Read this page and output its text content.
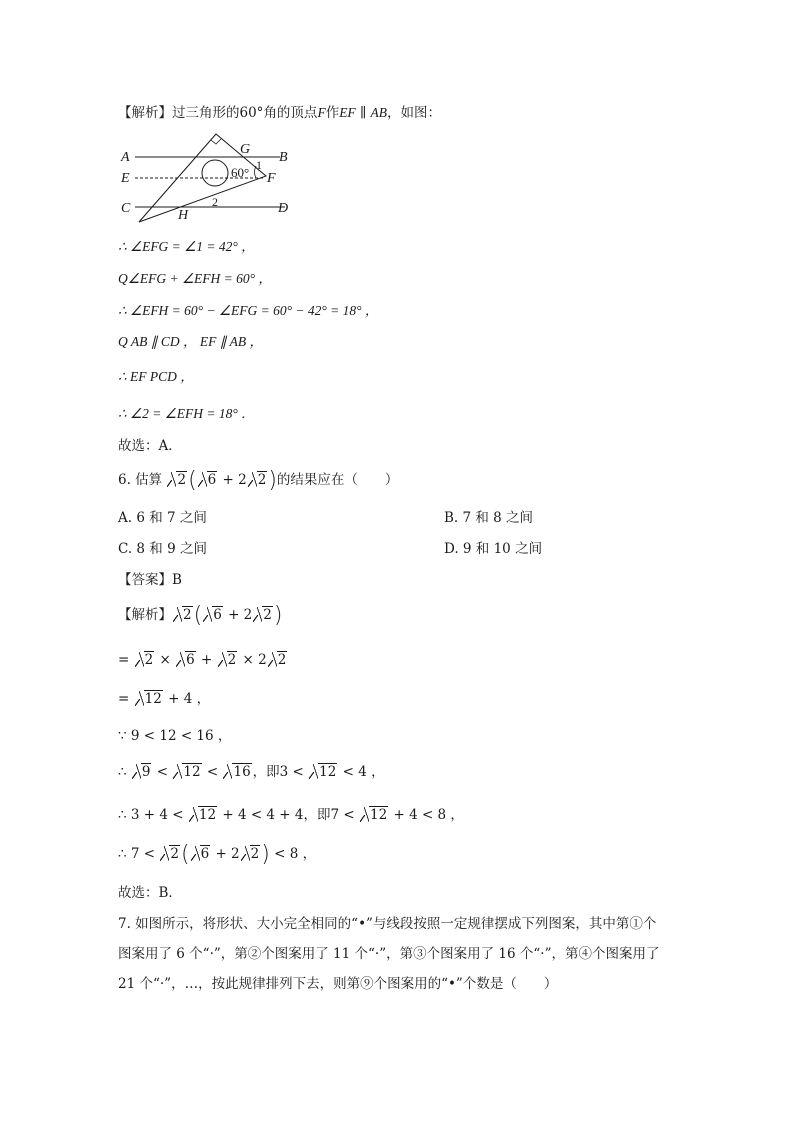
【解析】过三角形的60°角的顶点F作EF ∥ AB，如图：
A	B
E	F
C	D
G
H
1
2
60°
∴ ∠EFG = ∠1 = 42° ，
Q∠EFG + ∠EFH = 60° ，
∴ ∠EFH = 60° − ∠EFG = 60° − 42° = 18° ，
Q AB ∥ CD ， EF ∥ AB ，
∴ EF PCD ，
∴ ∠2 = ∠EFH = 18° ．
故选：A．
6. 估算 2( 6 + 2 2)的结果应在（　　）
A. 6 和 7 之间	B. 7 和 8 之间
C. 8 和 9 之间	D. 9 和 10 之间
【答案】B
【解析】 2( 6 + 2 2)
= 2 × 6 + 2 × 2 2
= 12 + 4 ，
∵ 9 < 12 < 16 ，
∴ 9 < 12 < 16 ，即3 < 12 < 4 ，
∴ 3 + 4 < 12 + 4 < 4 + 4，即7 < 12 + 4 < 8 ，
∴ 7 < 2( 6 + 2 2) < 8 ，
故选：B．
7. 如图所示，将形状、大小完全相同的“•”与线段按照一定规律摆成下列图案，其中第①个
图案用了 6 个“·”，第②个图案用了 11 个“·”，第③个图案用了 16 个“·”，第④个图案用了
21 个“·”，…，按此规律排列下去，则第⑨个图案用的“•”个数是（　　）
